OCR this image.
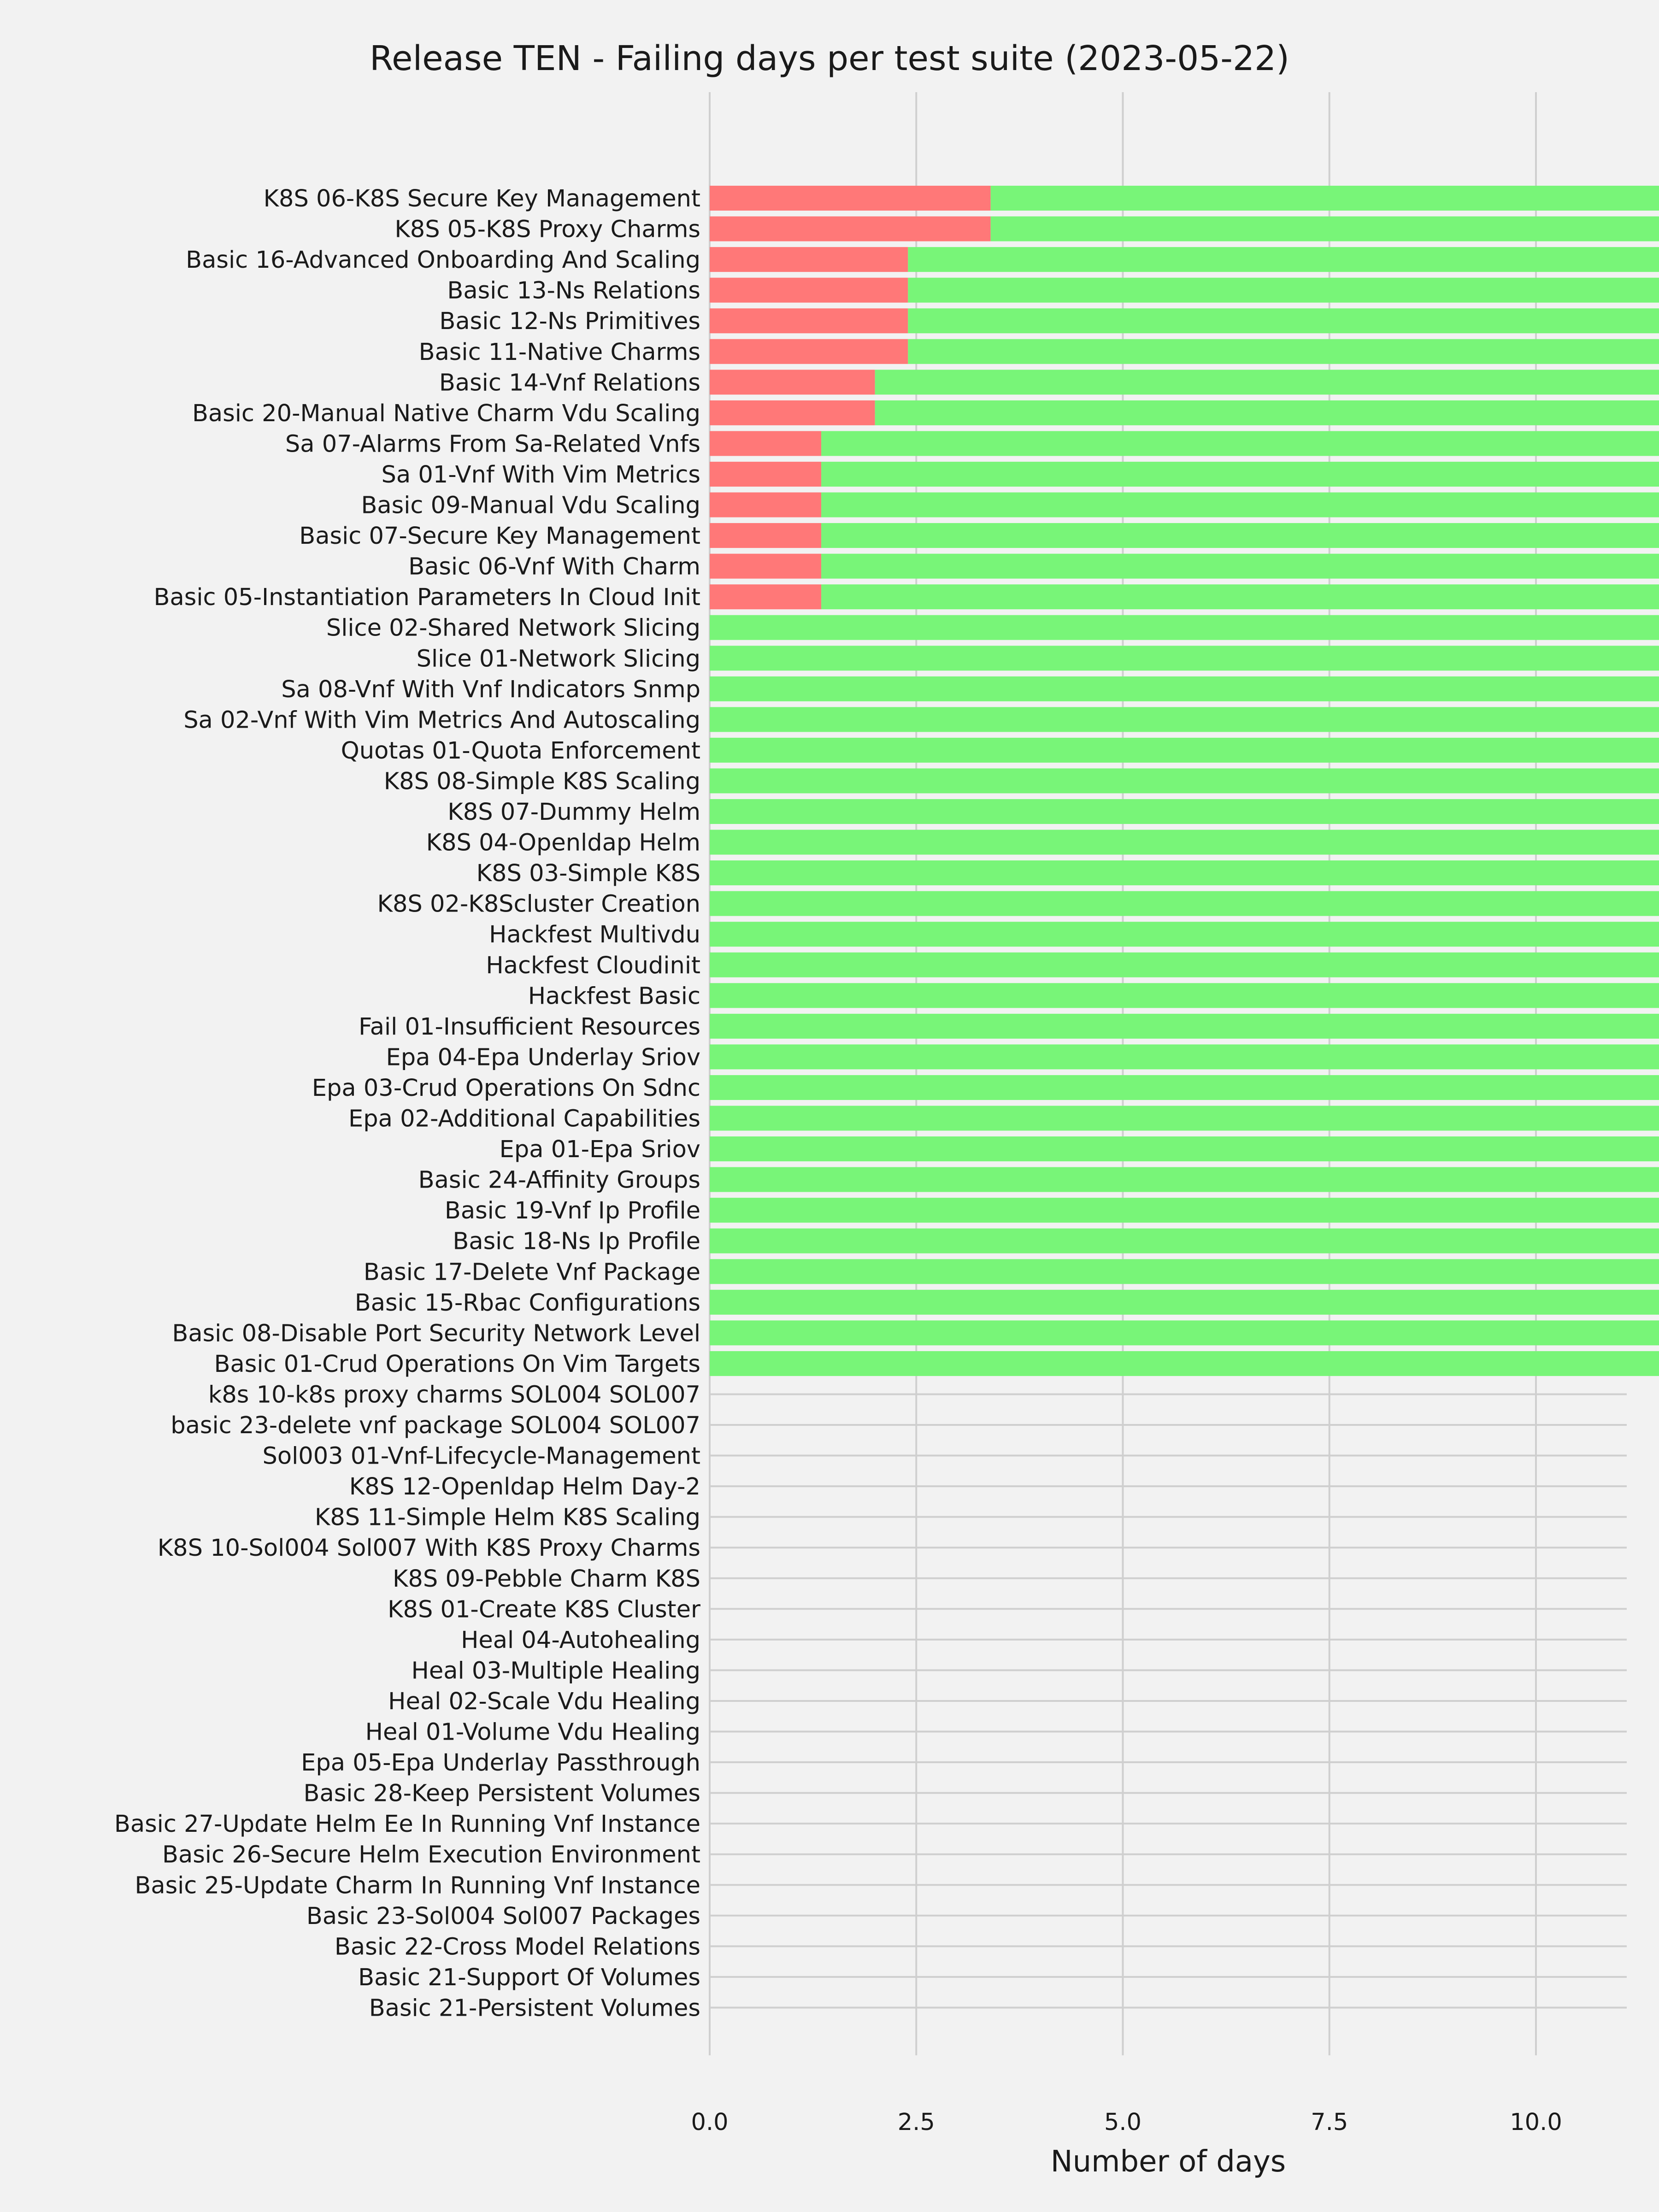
K8S 06-K8S Secure Key Management
K8S 05-K8S Proxy Charms
Basic 16-Advanced Onboarding And Scaling
Basic 13-Ns Relations
Basic 12-Ns Primitives
Basic 11-Native Charms
Basic 14-Vnf Relations
Basic 20-Manual Native Charm Vdu Scaling
Sa 07-Alarms From Sa-Related Vnfs
Sa 01-Vnf With Vim Metrics
Basic 09-Manual Vdu Scaling
Basic 07-Secure Key Management
Basic 06-Vnf With Charm
Basic 05-Instantiation Parameters In Cloud Init
Slice 02-Shared Network Slicing
Slice 01-Network Slicing
Sa 08-Vnf With Vnf Indicators Snmp
Sa 02-Vnf With Vim Metrics And Autoscaling
Quotas 01-Quota Enforcement
K8S 08-Simple K8S Scaling
K8S 07-Dummy Helm
K8S 04-Openldap Helm
K8S 03-Simple K8S
K8S 02-K8Scluster Creation
Hackfest Multivdu
Hackfest Cloudinit
Hackfest Basic
Fail 01-Insufficient Resources
Epa 04-Epa Underlay Sriov
Epa 03-Crud Operations On Sdnc
Epa 02-Additional Capabilities
Epa 01-Epa Sriov
Basic 24-Affinity Groups
Basic 19-Vnf Ip Profile
Basic 18-Ns Ip Profile
Basic 17-Delete Vnf Package
Basic 15-Rbac Configurations
Basic 08-Disable Port Security Network Level
Basic 01-Crud Operations On Vim Targets
k8s 10-k8s proxy charms SOL004 SOL007
basic 23-delete vnf package SOL004 SOL007
Sol003 01-Vnf-Lifecycle-Management
K8S 12-Openldap Helm Day-2
K8S 11-Simple Helm K8S Scaling
K8S 10-Sol004 Sol007 With K8S Proxy Charms
K8S 09-Pebble Charm K8S
K8S 01-Create K8S Cluster
Heal 04-Autohealing
Heal 03-Multiple Healing
Heal 02-Scale Vdu Healing
Heal 01-Volume Vdu Healing
Epa 05-Epa Underlay Passthrough
Basic 28-Keep Persistent Volumes
Basic 27-Update Helm Ee In Running Vnf Instance
Basic 26-Secure Helm Execution Environment
Basic 25-Update Charm In Running Vnf Instance
Basic 23-Sol004 Sol007 Packages
Basic 22-Cross Model Relations
Basic 21-Support Of Volumes
Basic 21-Persistent Volumes
0.0	2.5	5.0	7.5	10.0
Release TEN - Failing days per test suite (2023-05-22)
Number of days
